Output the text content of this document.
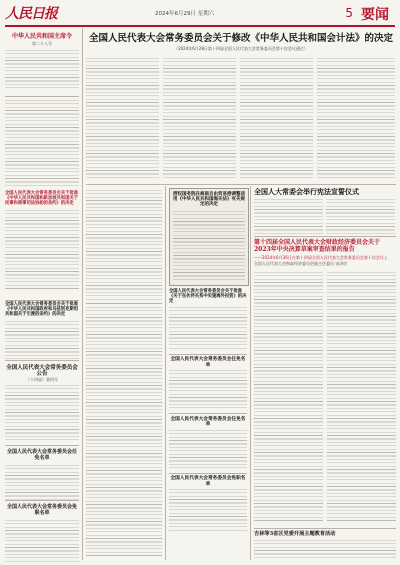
人民日报	2024年6月29日 星期六	5 要闻
中华人民共和国主席令
第二十八号
全国人民代表大会常务委员会关于批准《中华人民共和国和新加坡共和国关于民事和商事司法协助的条约》的决定
全国人民代表大会常务委员会关于批准《中华人民共和国政府和乌兹别克斯坦共和国关于引渡的条约》的决定
全国人民代表大会常务委员会公告
（十四届）第四号
全国人民代表大会常务委员会任免名单
全国人民代表大会常务委员会免职名单
全国人民代表大会常务委员会关于修改《中华人民共和国会计法》的决定
（2024年6月28日第十四届全国人民代表大会常务委员会第十次会议通过）
授权国务院在海南自由贸易港调整适用《中华人民共和国海关法》有关规定的决定
全国人民代表大会常务委员会关于批准《关于在伙伴关系中实施海外投资》的决定
全国人民代表大会常务委员会任免名单
全国人民代表大会常务委员会任免名单
全国人民代表大会常务委员会免职名单
全国人大常委会举行宪法宣誓仪式
第十四届全国人民代表大会财政经济委员会关于2023年中央决算草案审查结果的报告
——2024年6月26日在第十四届全国人民代表大会常务委员会第十次会议上
全国人民代表大会财政经济委员会副主任委员 宋泽民
吉林等3省区党委开展主题教育活动
